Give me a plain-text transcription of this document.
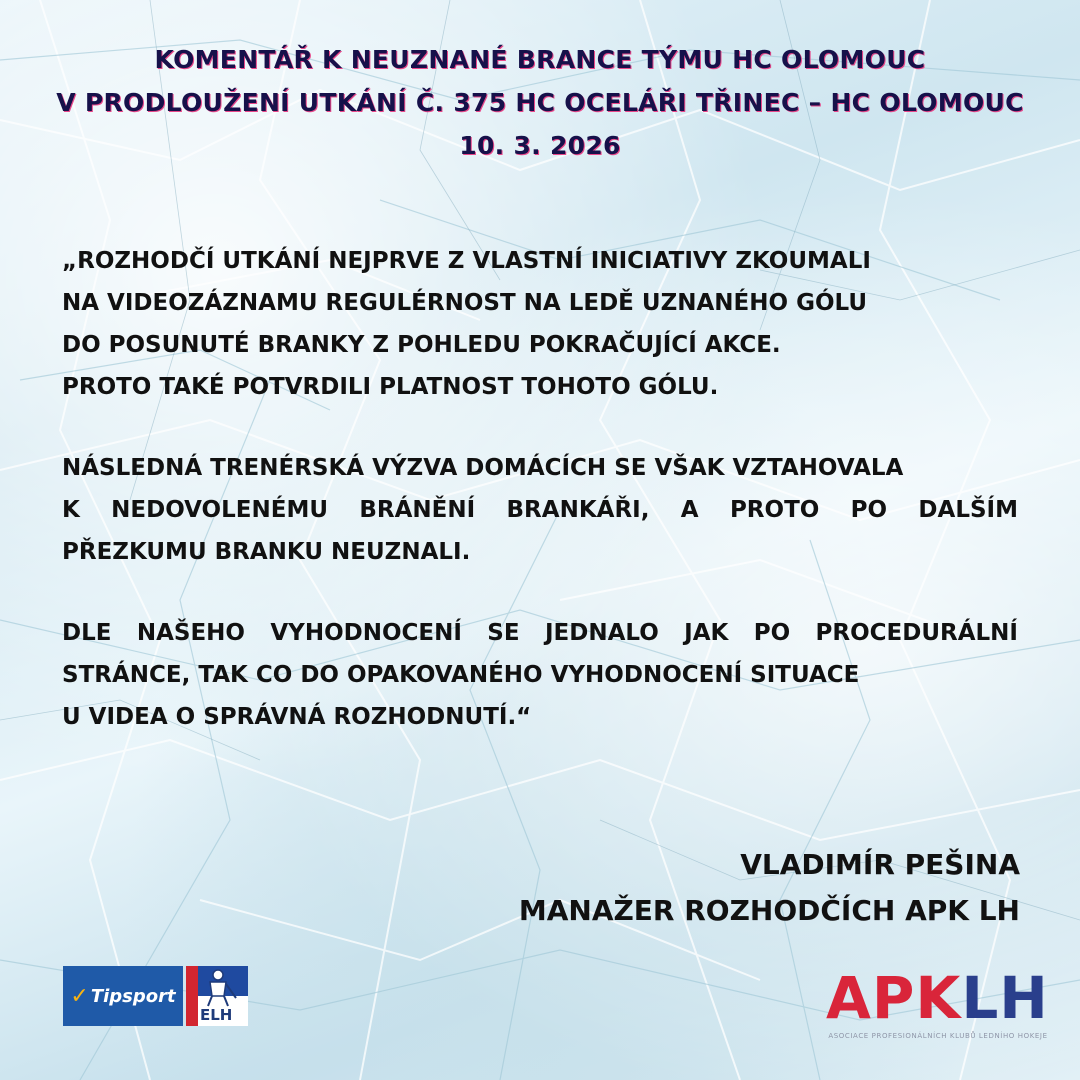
KOMENTÁŘ K NEUZNANÉ BRANCE TÝMU HC OLOMOUC
V PRODLOUŽENÍ UTKÁNÍ Č. 375 HC OCELÁŘI TŘINEC – HC OLOMOUC
10. 3. 2026
„ROZHODČÍ UTKÁNÍ NEJPRVE Z VLASTNÍ INICIATIVY ZKOUMALI
NA VIDEOZÁZNAMU REGULÉRNOST NA LEDĚ UZNANÉHO GÓLU
DO POSUNUTÉ BRANKY Z POHLEDU POKRAČUJÍCÍ AKCE.
PROTO TAKÉ POTVRDILI PLATNOST TOHOTO GÓLU.
NÁSLEDNÁ TRENÉRSKÁ VÝZVA DOMÁCÍCH SE VŠAK VZTAHOVALA
K NEDOVOLENÉMU BRÁNĚNÍ BRANKÁŘI, A PROTO PO DALŠÍM
PŘEZKUMU BRANKU NEUZNALI.
DLE NAŠEHO VYHODNOCENÍ SE JEDNALO JAK PO PROCEDURÁLNÍ
STRÁNCE, TAK CO DO OPAKOVANÉHO VYHODNOCENÍ SITUACE
U VIDEA O SPRÁVNÁ ROZHODNUTÍ.“
VLADIMÍR PEŠINA
MANAŽER ROZHODČÍCH APK LH
✓ Tipsport
ELH	APKLH
ASOCIACE PROFESIONÁLNÍCH KLUBŮ LEDNÍHO HOKEJE
